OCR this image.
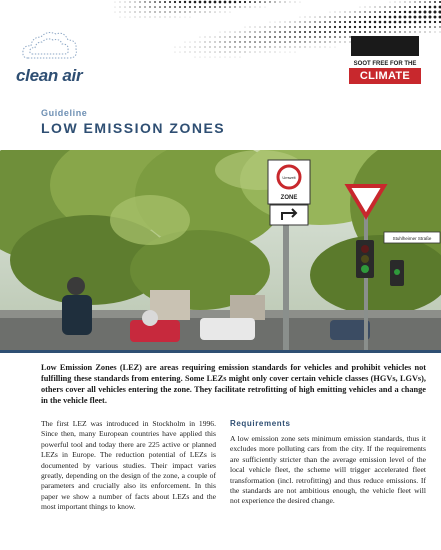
clean air
SOOT FREE FOR THE
CLIMATE
Guideline
LOW EMISSION ZONES
Umwelt
ZONE
Stuhlheimer Straße

Low Emission Zones (LEZ) are areas requiring emission standards for vehicles and prohibit vehicles not fulfilling these standards from entering. Some LEZs might only cover certain vehicle classes (HGVs, LGVs), others cover all vehicles entering the zone. They facilitate retrofitting of high emitting vehicles and a change in the vehicle fleet.

The first LEZ was introduced in Stockholm in 1996. Since then, many European countries have applied this powerful tool and today there are 225 active or planned LEZs in Europe. The reduction potential of LEZs is documented by various studies. Their impact varies greatly, depending on the design of the zone, a couple of parameters and crucially also its enforcement. In this paper we show a number of facts about LEZs and the most important things to know.

Requirements

A low emission zone sets minimum emission standards, thus it excludes more polluting cars from the city. If the requirements are sufficiently stricter than the average emission level of the local vehicle fleet, the scheme will trigger accelerated fleet transformation (incl. retrofitting) and thus reduce emissions. If the standards are not ambitious enough, the vehicle fleet will not experience the desired change.
